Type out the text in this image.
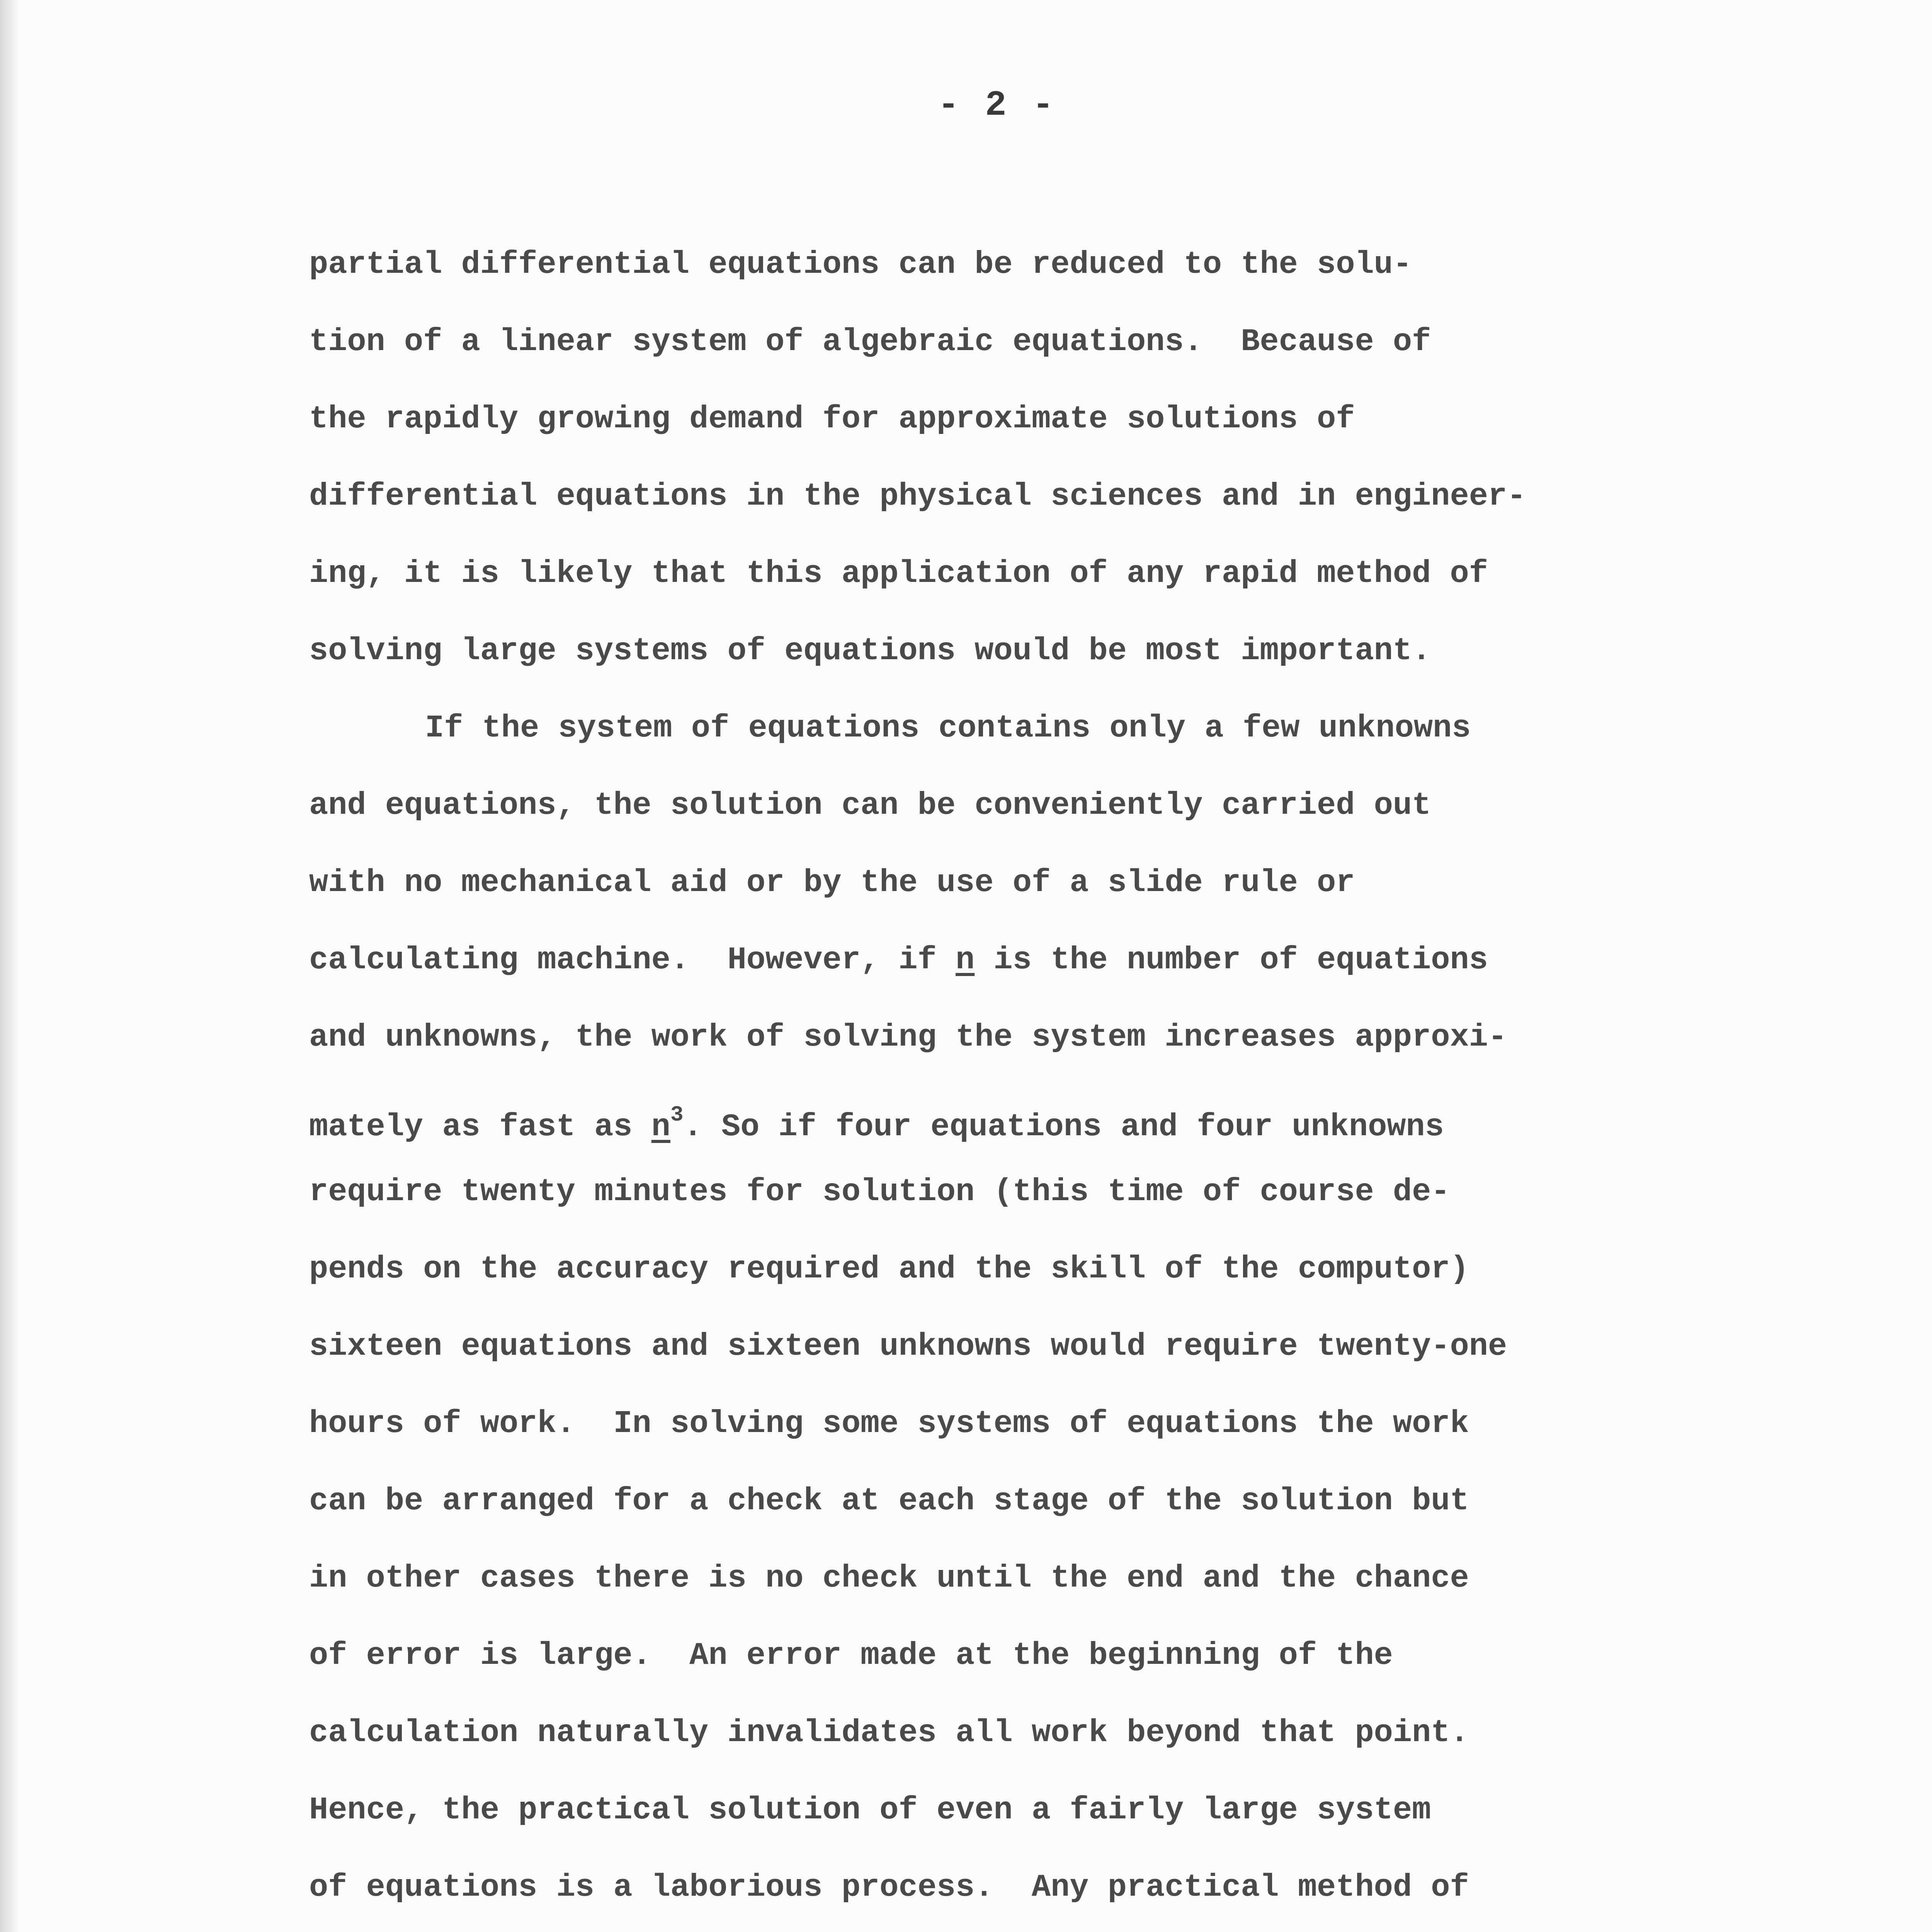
- 2 -
partial differential equations can be reduced to the solu-
tion of a linear system of algebraic equations.  Because of
the rapidly growing demand for approximate solutions of
differential equations in the physical sciences and in engineer-
ing, it is likely that this application of any rapid method of
solving large systems of equations would be most important.
If the system of equations contains only a few unknowns
and equations, the solution can be conveniently carried out
with no mechanical aid or by the use of a slide rule or
calculating machine.  However, if n is the number of equations
and unknowns, the work of solving the system increases approxi-
mately as fast as $n^3$. So if four equations and four unknowns
require twenty minutes for solution (this time of course de-
pends on the accuracy required and the skill of the computor)
sixteen equations and sixteen unknowns would require twenty-one
hours of work.  In solving some systems of equations the work
can be arranged for a check at each stage of the solution but
in other cases there is no check until the end and the chance
of error is large.  An error made at the beginning of the
calculation naturally invalidates all work beyond that point.
Hence, the practical solution of even a fairly large system
of equations is a laborious process.  Any practical method of
